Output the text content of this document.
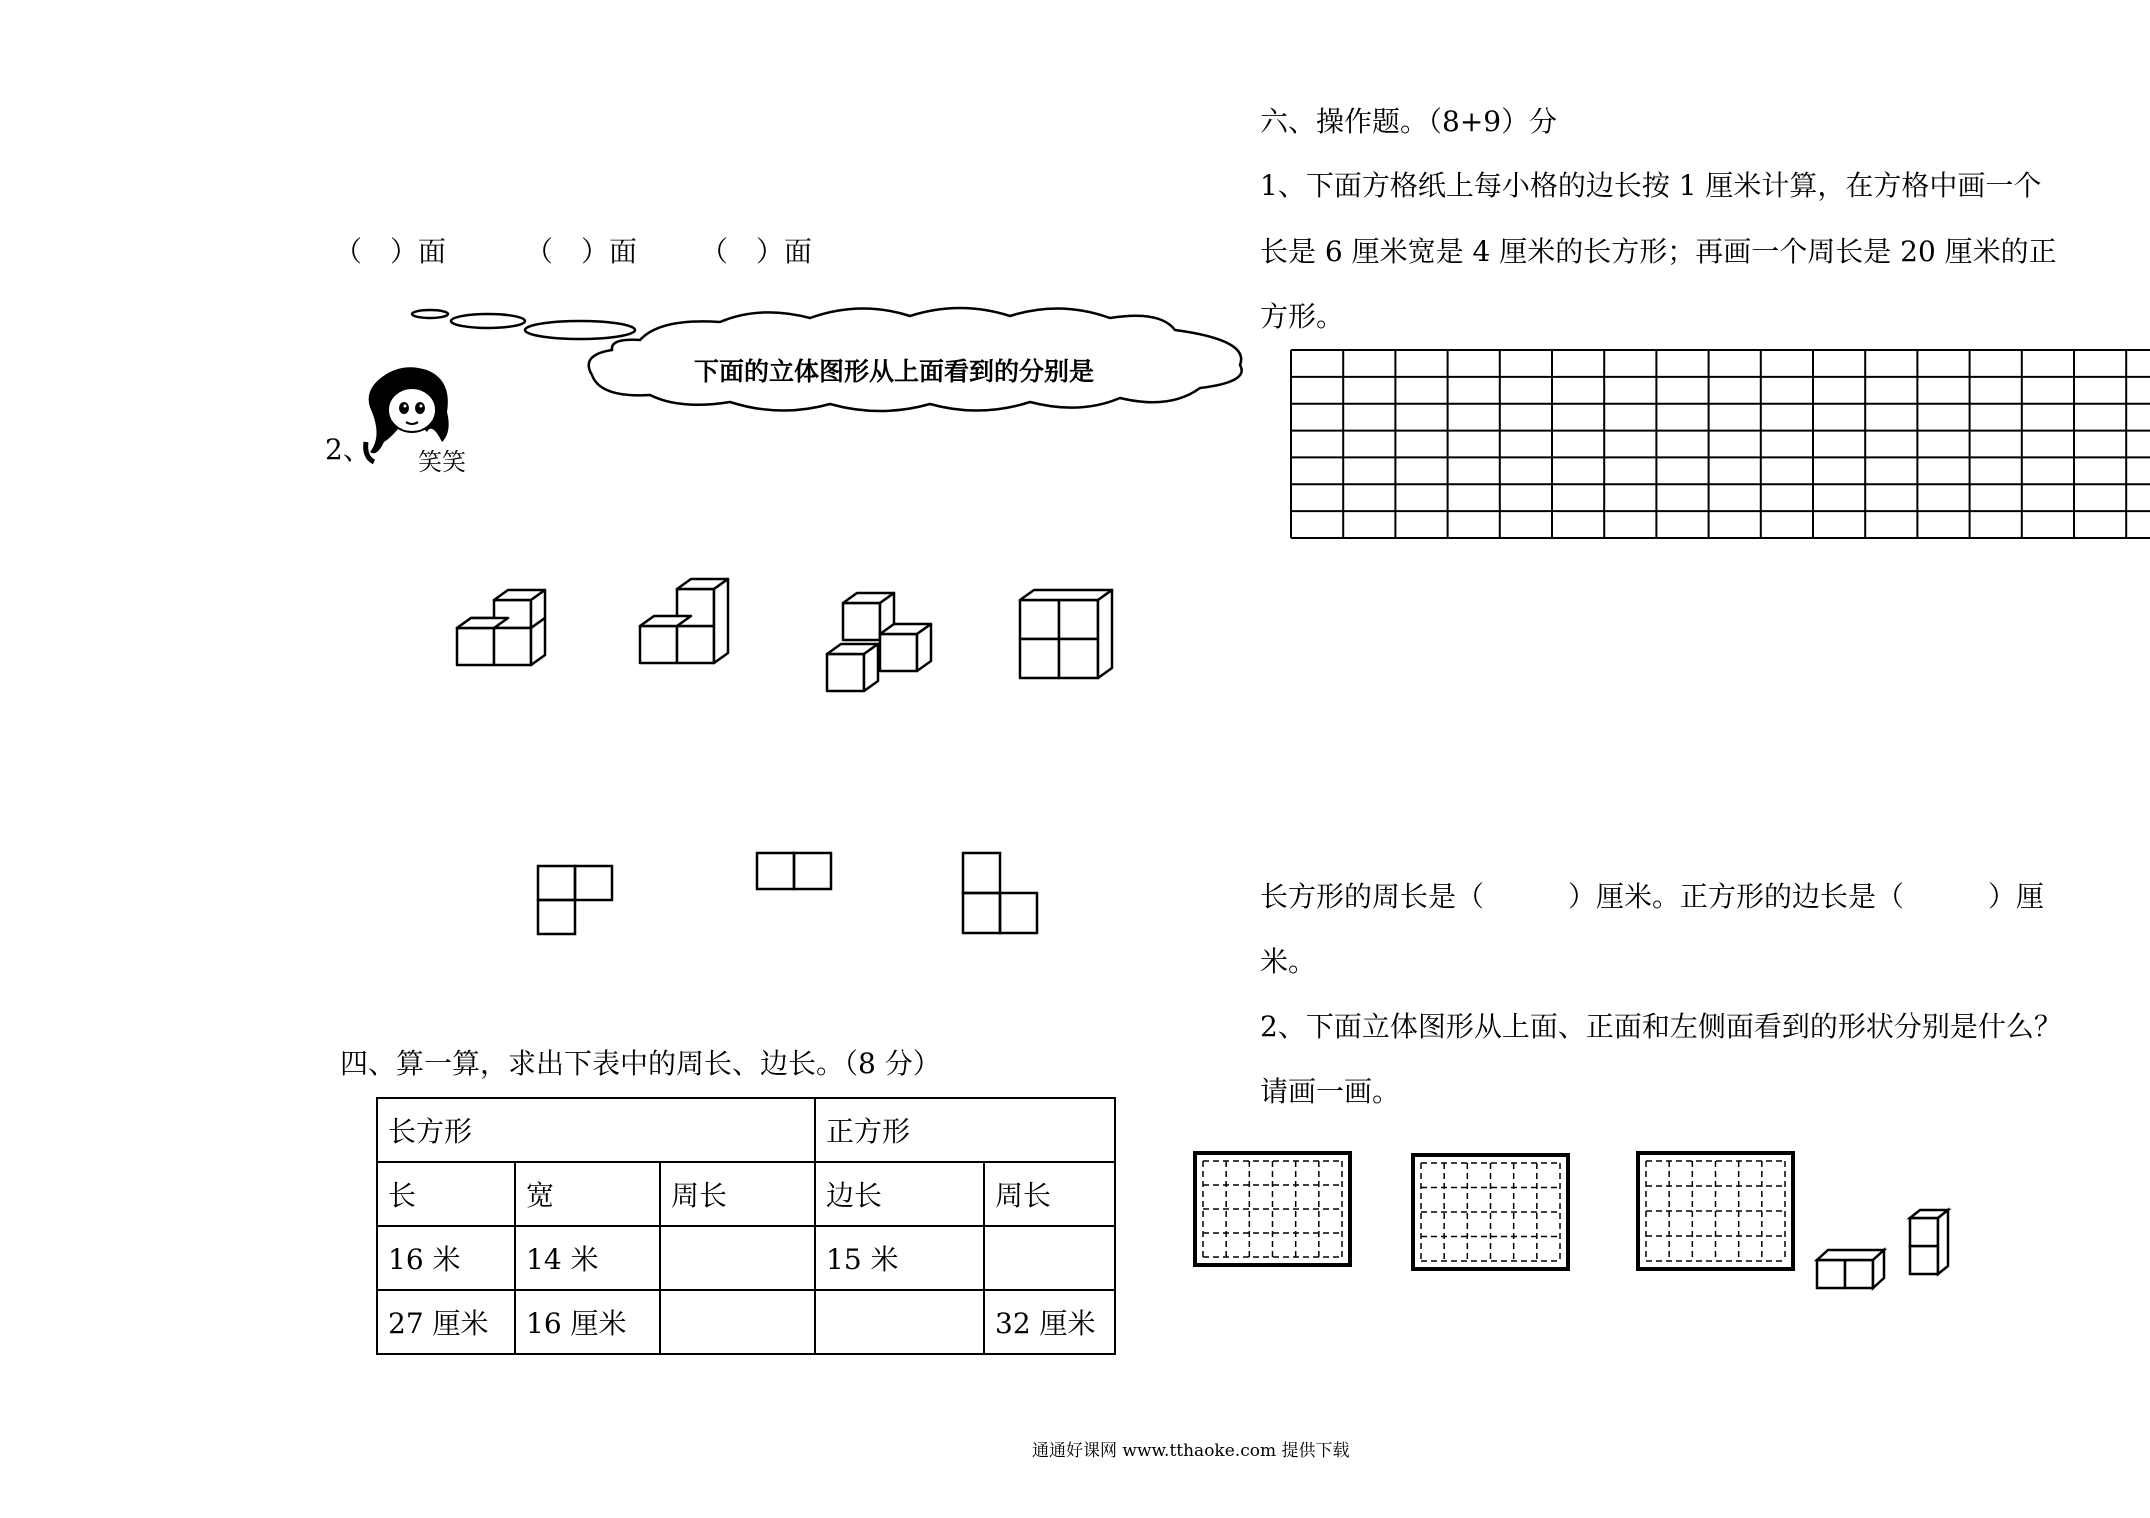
（　）面	（　）面 （　）面
下面的立体图形从上面看到的分别是
2、 笑笑
四、算一算，求出下表中的周长、边长。（8 分）
长方形			正方形	
长	宽	周长	边长	周长
16 米	14 米		15 米	
27 厘米	16 厘米			32 厘米
六、操作题。（8+9）分
1、下面方格纸上每小格的边长按 1 厘米计算，在方格中画一个
长是 6 厘米宽是 4 厘米的长方形；再画一个周长是 20 厘米的正
方形。
长方形的周长是（　　　）厘米。正方形的边长是（　　　）厘
米。
2、下面立体图形从上面、正面和左侧面看到的形状分别是什么？
请画一画。
通通好课网 www.tthaoke.com 提供下载
